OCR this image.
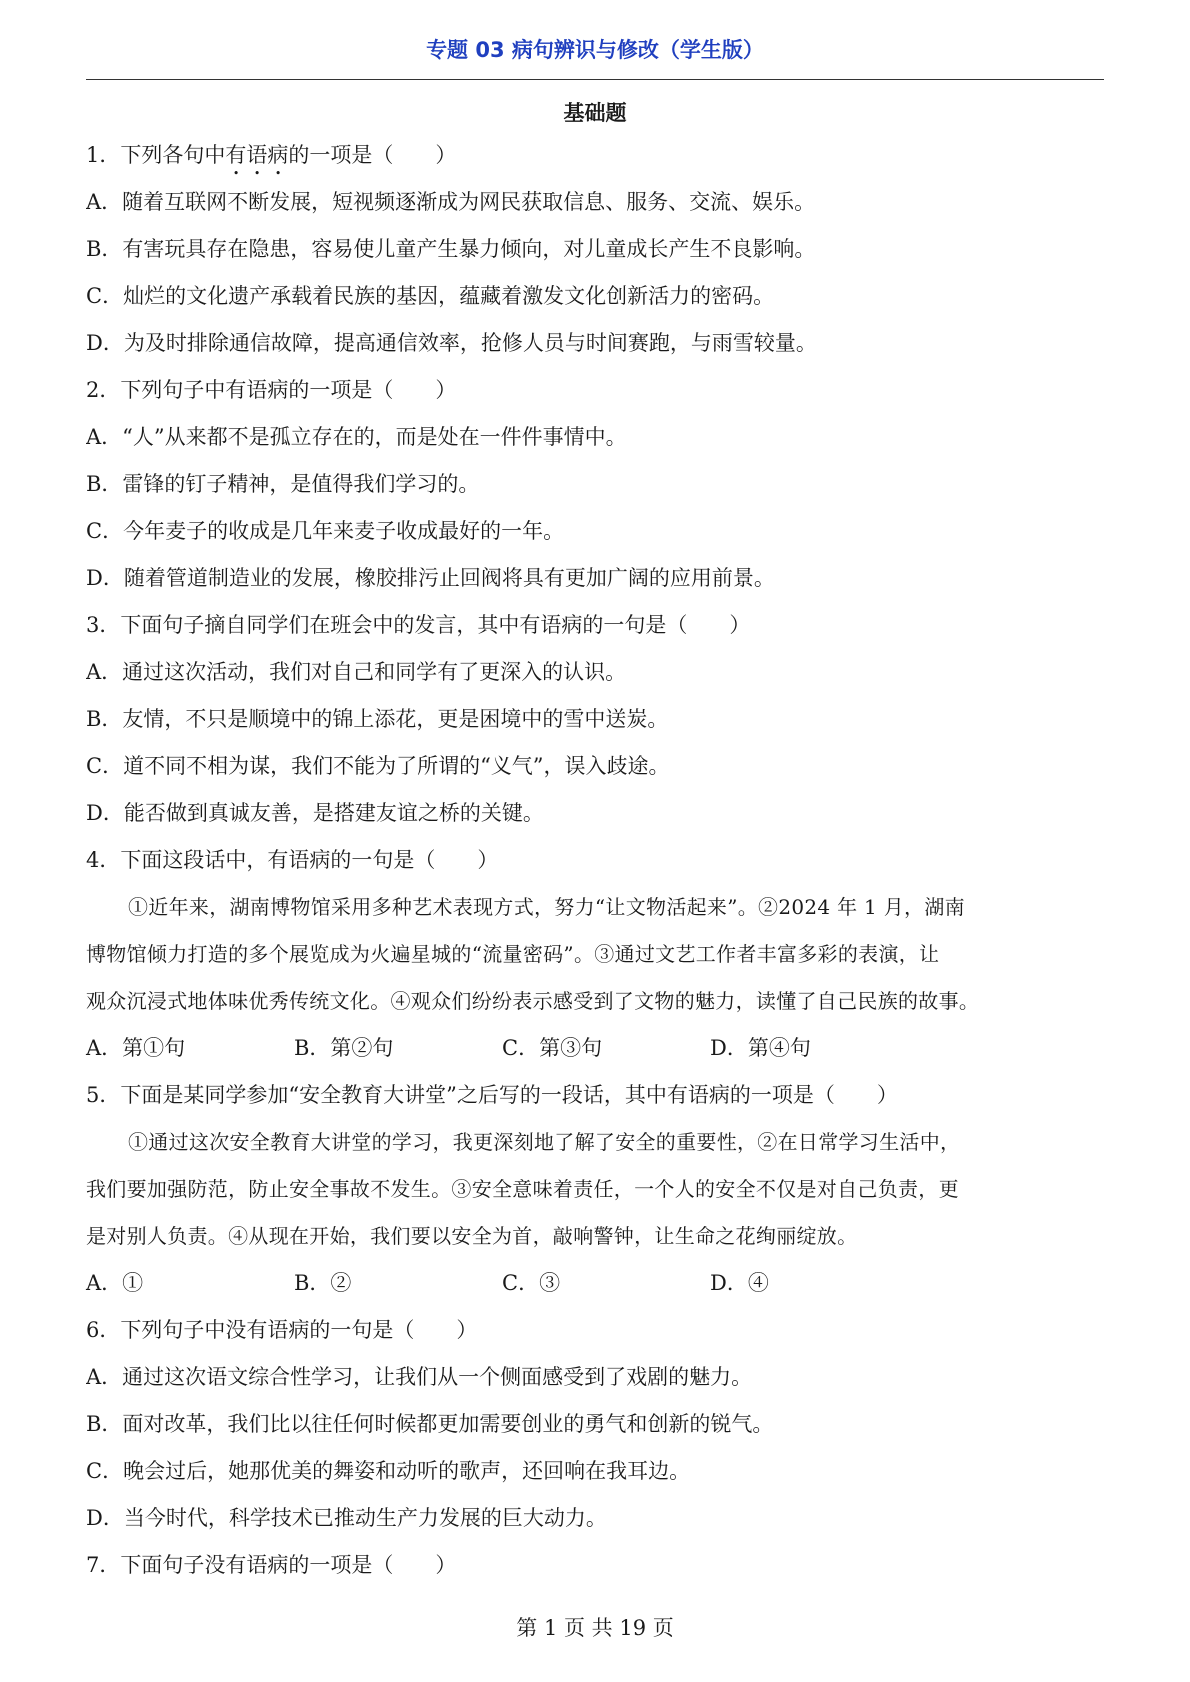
专题 03 病句辨识与修改（学生版）
基础题
1．下列各句中有语病的一项是（　　）
A．随着互联网不断发展，短视频逐渐成为网民获取信息、服务、交流、娱乐。
B．有害玩具存在隐患，容易使儿童产生暴力倾向，对儿童成长产生不良影响。
C．灿烂的文化遗产承载着民族的基因，蕴藏着激发文化创新活力的密码。
D．为及时排除通信故障，提高通信效率，抢修人员与时间赛跑，与雨雪较量。
2．下列句子中有语病的一项是（　　）
A．“人”从来都不是孤立存在的，而是处在一件件事情中。
B．雷锋的钉子精神，是值得我们学习的。
C．今年麦子的收成是几年来麦子收成最好的一年。
D．随着管道制造业的发展，橡胶排污止回阀将具有更加广阔的应用前景。
3．下面句子摘自同学们在班会中的发言，其中有语病的一句是（　　）
A．通过这次活动，我们对自己和同学有了更深入的认识。
B．友情，不只是顺境中的锦上添花，更是困境中的雪中送炭。
C．道不同不相为谋，我们不能为了所谓的“义气”，误入歧途。
D．能否做到真诚友善，是搭建友谊之桥的关键。
4．下面这段话中，有语病的一句是（　　）
①近年来，湖南博物馆采用多种艺术表现方式，努力“让文物活起来”。②2024 年 1 月，湖南
博物馆倾力打造的多个展览成为火遍星城的“流量密码”。③通过文艺工作者丰富多彩的表演，让
观众沉浸式地体味优秀传统文化。④观众们纷纷表示感受到了文物的魅力，读懂了自己民族的故事。
A．第①句	B．第②句	C．第③句	D．第④句
5．下面是某同学参加“安全教育大讲堂”之后写的一段话，其中有语病的一项是（　　）
①通过这次安全教育大讲堂的学习，我更深刻地了解了安全的重要性，②在日常学习生活中，
我们要加强防范，防止安全事故不发生。③安全意味着责任，一个人的安全不仅是对自己负责，更
是对别人负责。④从现在开始，我们要以安全为首，敲响警钟，让生命之花绚丽绽放。
A．①	B．②	C．③	D．④
6．下列句子中没有语病的一句是（　　）
A．通过这次语文综合性学习，让我们从一个侧面感受到了戏剧的魅力。
B．面对改革，我们比以往任何时候都更加需要创业的勇气和创新的锐气。
C．晚会过后，她那优美的舞姿和动听的歌声，还回响在我耳边。
D．当今时代，科学技术已推动生产力发展的巨大动力。
7．下面句子没有语病的一项是（　　）
第 1 页 共 19 页
